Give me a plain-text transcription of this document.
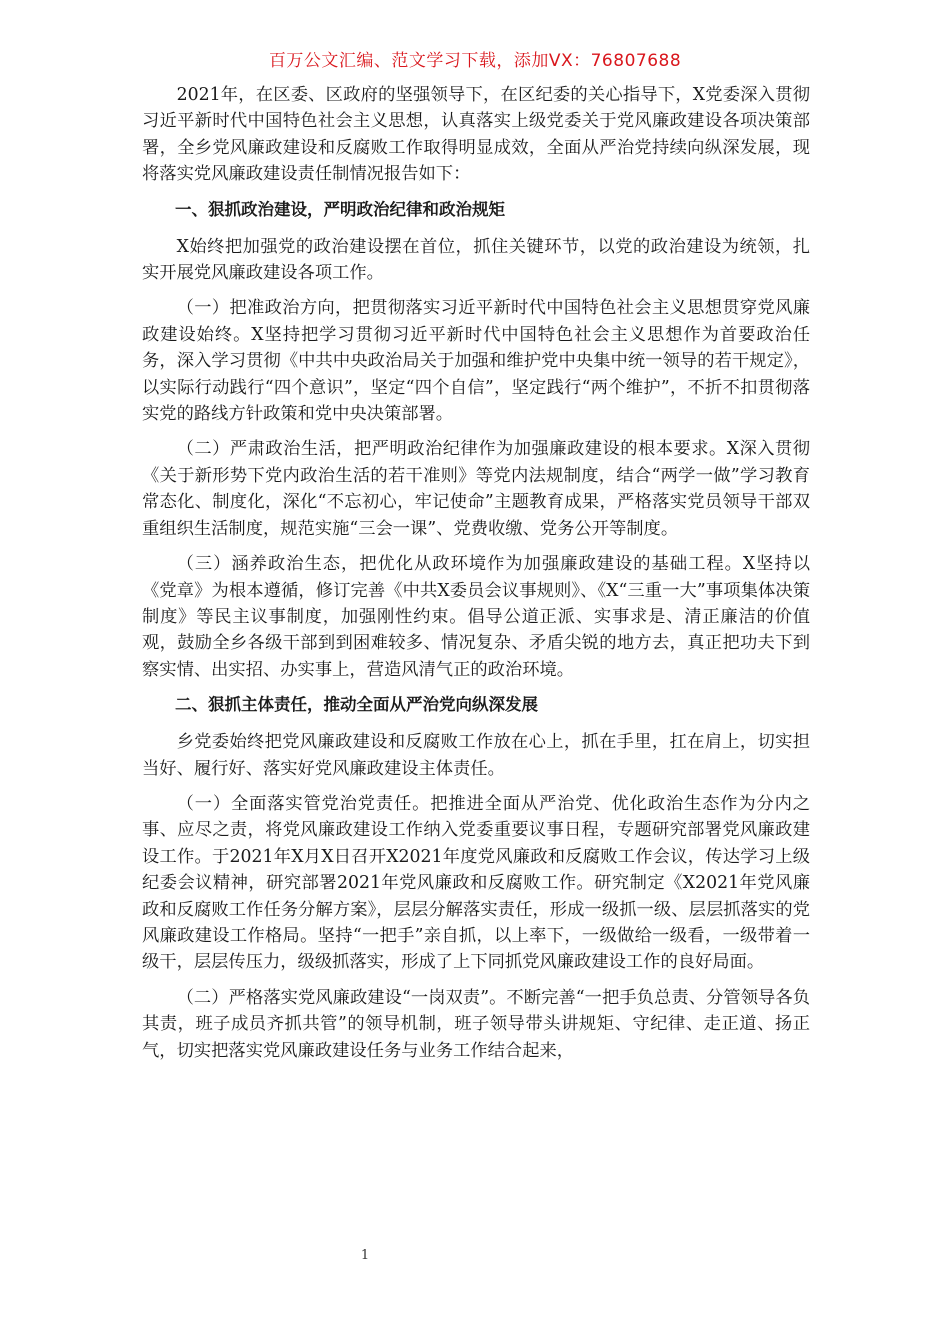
百万公文汇编、范文学习下载，添加VX：76807688

2021年，在区委、区政府的坚强领导下，在区纪委的关心指导下，X党委深入贯彻习近平新时代中国特色社会主义思想，认真落实上级党委关于党风廉政建设各项决策部署，全乡党风廉政建设和反腐败工作取得明显成效，全面从严治党持续向纵深发展，现将落实党风廉政建设责任制情况报告如下：

一、狠抓政治建设，严明政治纪律和政治规矩

X始终把加强党的政治建设摆在首位，抓住关键环节，以党的政治建设为统领，扎实开展党风廉政建设各项工作。

（一）把准政治方向，把贯彻落实习近平新时代中国特色社会主义思想贯穿党风廉政建设始终。X坚持把学习贯彻习近平新时代中国特色社会主义思想作为首要政治任务，深入学习贯彻《中共中央政治局关于加强和维护党中央集中统一领导的若干规定》，以实际行动践行“四个意识”，坚定“四个自信”，坚定践行“两个维护”，不折不扣贯彻落实党的路线方针政策和党中央决策部署。

（二）严肃政治生活，把严明政治纪律作为加强廉政建设的根本要求。X深入贯彻《关于新形势下党内政治生活的若干准则》等党内法规制度，结合“两学一做”学习教育常态化、制度化，深化“不忘初心，牢记使命”主题教育成果，严格落实党员领导干部双重组织生活制度，规范实施“三会一课”、党费收缴、党务公开等制度。

（三）涵养政治生态，把优化从政环境作为加强廉政建设的基础工程。X坚持以《党章》为根本遵循，修订完善《中共X委员会议事规则》、《X“三重一大”事项集体决策制度》等民主议事制度，加强刚性约束。倡导公道正派、实事求是、清正廉洁的价值观，鼓励全乡各级干部到到困难较多、情况复杂、矛盾尖锐的地方去，真正把功夫下到察实情、出实招、办实事上，营造风清气正的政治环境。

二、狠抓主体责任，推动全面从严治党向纵深发展

乡党委始终把党风廉政建设和反腐败工作放在心上，抓在手里，扛在肩上，切实担当好、履行好、落实好党风廉政建设主体责任。

（一）全面落实管党治党责任。把推进全面从严治党、优化政治生态作为分内之事、应尽之责，将党风廉政建设工作纳入党委重要议事日程，专题研究部署党风廉政建设工作。于2021年X月X日召开X2021年度党风廉政和反腐败工作会议，传达学习上级纪委会议精神，研究部署2021年党风廉政和反腐败工作。研究制定《X2021年党风廉政和反腐败工作任务分解方案》，层层分解落实责任，形成一级抓一级、层层抓落实的党风廉政建设工作格局。坚持“一把手”亲自抓，以上率下，一级做给一级看，一级带着一级干，层层传压力，级级抓落实，形成了上下同抓党风廉政建设工作的良好局面。

（二）严格落实党风廉政建设“一岗双责”。不断完善“一把手负总责、分管领导各负其责，班子成员齐抓共管”的领导机制，班子领导带头讲规矩、守纪律、走正道、扬正气，切实把落实党风廉政建设任务与业务工作结合起来，

1
